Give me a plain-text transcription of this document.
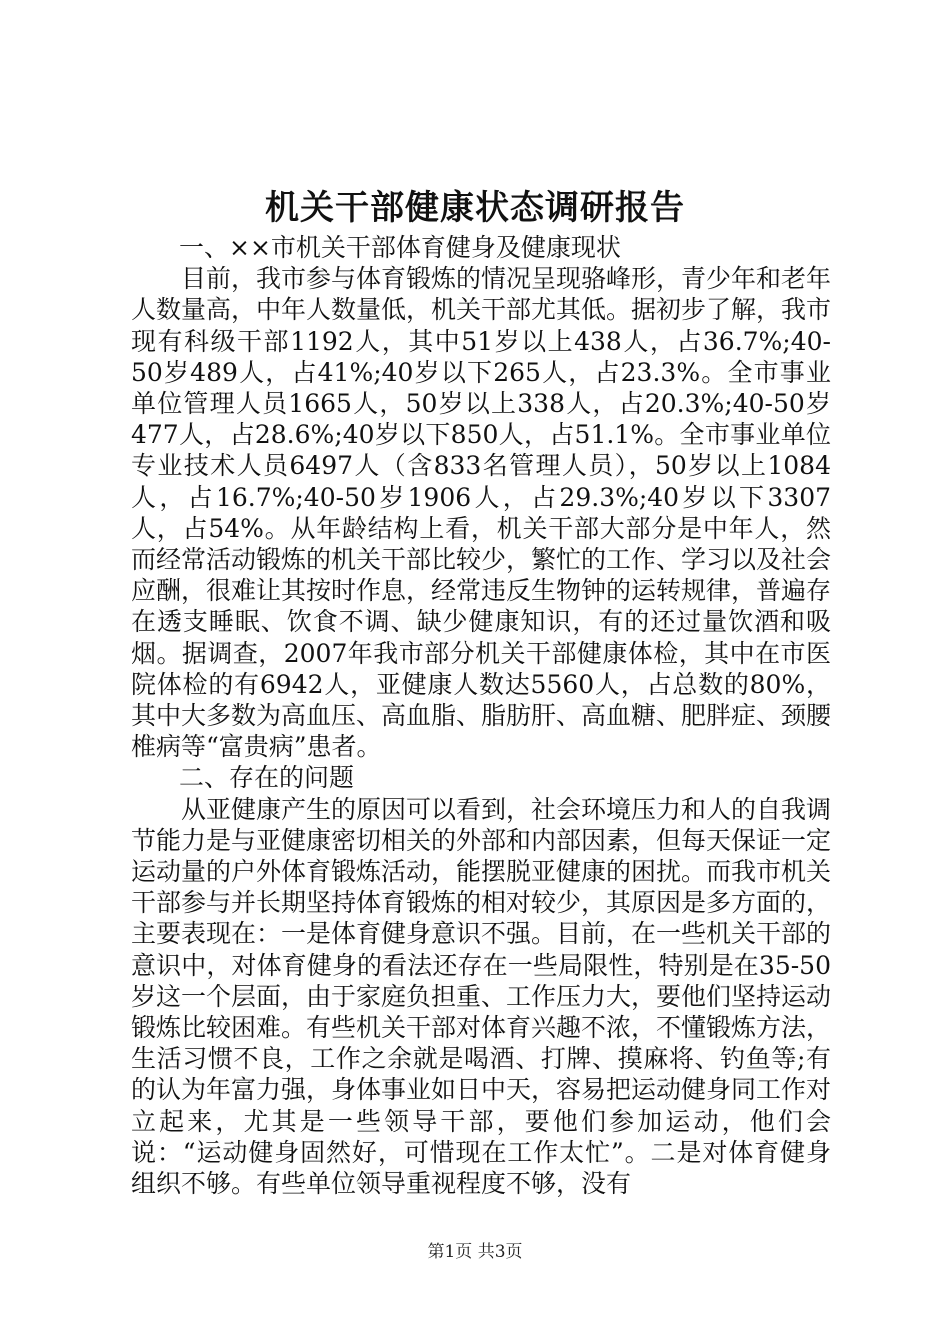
机关干部健康状态调研报告

一、××市机关干部体育健身及健康现状

目前，我市参与体育锻炼的情况呈现骆峰形，青少年和老年人数量高，中年人数量低，机关干部尤其低。据初步了解，我市现有科级干部1192人，其中51岁以上438人，占36.7%;40-50岁489人，占41%;40岁以下265人，占23.3%。全市事业单位管理人员1665人，50岁以上338人，占20.3%;40-50岁477人，占28.6%;40岁以下850人，占51.1%。全市事业单位专业技术人员6497人（含833名管理人员），50岁以上1084人，占16.7%;40-50岁1906人，占29.3%;40岁以下3307人，占54%。从年龄结构上看，机关干部大部分是中年人，然而经常活动锻炼的机关干部比较少，繁忙的工作、学习以及社会应酬，很难让其按时作息，经常违反生物钟的运转规律，普遍存在透支睡眠、饮食不调、缺少健康知识，有的还过量饮酒和吸烟。据调查，2007年我市部分机关干部健康体检，其中在市医院体检的有6942人，亚健康人数达5560人，占总数的80%，其中大多数为高血压、高血脂、脂肪肝、高血糖、肥胖症、颈腰椎病等“富贵病”患者。

二、存在的问题

从亚健康产生的原因可以看到，社会环境压力和人的自我调节能力是与亚健康密切相关的外部和内部因素，但每天保证一定运动量的户外体育锻炼活动，能摆脱亚健康的困扰。而我市机关干部参与并长期坚持体育锻炼的相对较少，其原因是多方面的，主要表现在：一是体育健身意识不强。目前，在一些机关干部的意识中，对体育健身的看法还存在一些局限性，特别是在35-50岁这一个层面，由于家庭负担重、工作压力大，要他们坚持运动锻炼比较困难。有些机关干部对体育兴趣不浓，不懂锻炼方法，生活习惯不良，工作之余就是喝酒、打牌、摸麻将、钓鱼等;有的认为年富力强，身体事业如日中天，容易把运动健身同工作对立起来，尤其是一些领导干部，要他们参加运动，他们会说：“运动健身固然好，可惜现在工作太忙”。二是对体育健身组织不够。有些单位领导重视程度不够，没有

第1页 共3页
